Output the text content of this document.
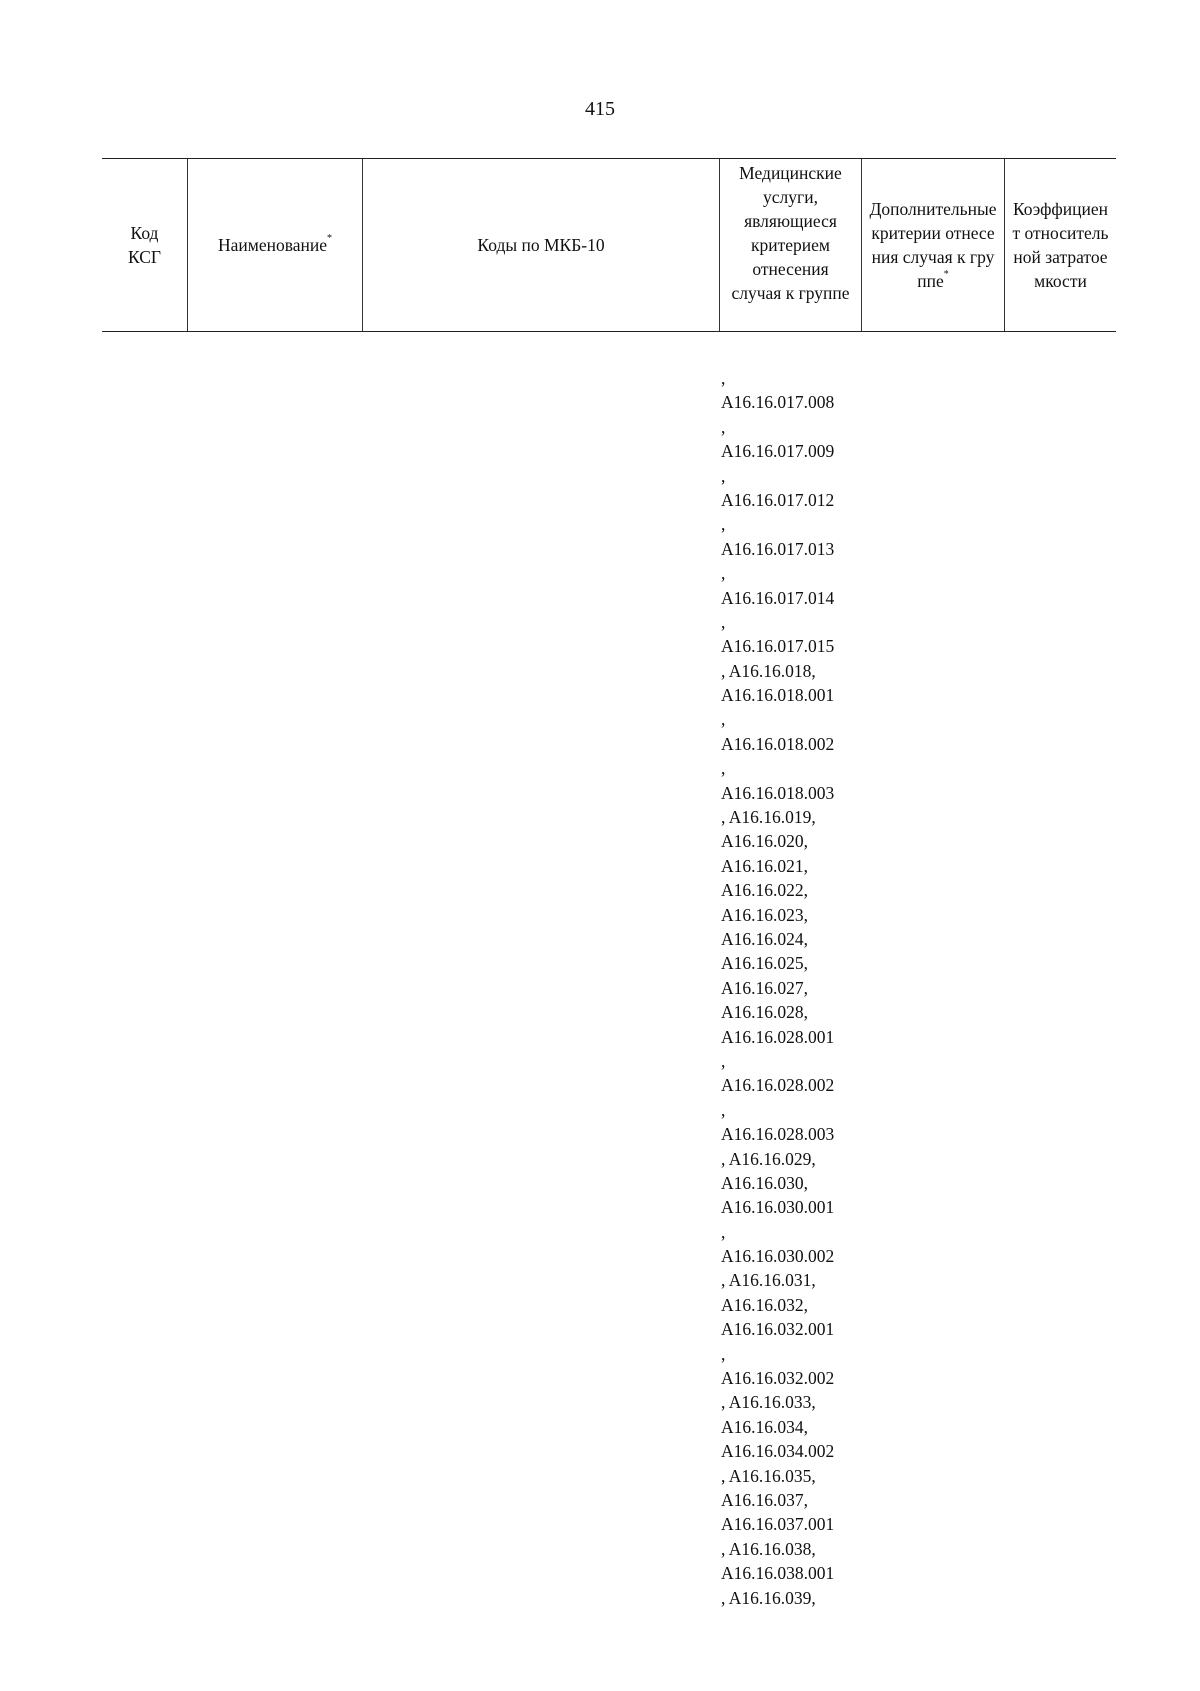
415
Код КСГ
Наименование*	Коды по МКБ-10
Медицинские услуги, являющиеся критерием отнесения случая к группе
Дополнительные критерии отнесения случая к группе*
Коэффициент относительной затратоемкости
,
A16.16.017.008
,
A16.16.017.009
,
A16.16.017.012
,
A16.16.017.013
,
A16.16.017.014
,
A16.16.017.015
, A16.16.018,
A16.16.018.001
,
A16.16.018.002
,
A16.16.018.003
, A16.16.019,
A16.16.020,
A16.16.021,
A16.16.022,
A16.16.023,
A16.16.024,
A16.16.025,
A16.16.027,
A16.16.028,
A16.16.028.001
,
A16.16.028.002
,
A16.16.028.003
, A16.16.029,
A16.16.030,
A16.16.030.001
,
A16.16.030.002
, A16.16.031,
A16.16.032,
A16.16.032.001
,
A16.16.032.002
, A16.16.033,
A16.16.034,
A16.16.034.002
, A16.16.035,
A16.16.037,
A16.16.037.001
, A16.16.038,
A16.16.038.001
, A16.16.039,
